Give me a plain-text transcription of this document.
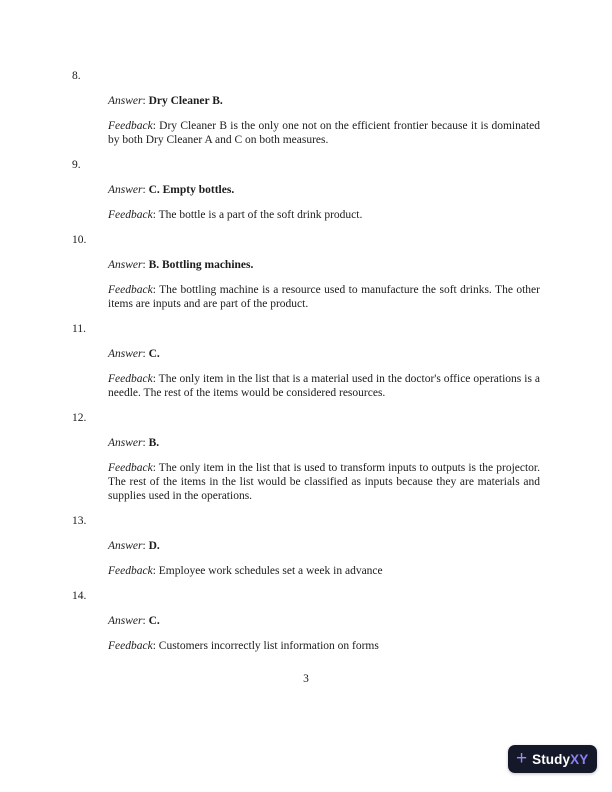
8.

Answer: Dry Cleaner B.

Feedback: Dry Cleaner B is the only one not on the efficient frontier because it is dominated by both Dry Cleaner A and C on both measures.

9.

Answer: C. Empty bottles.

Feedback: The bottle is a part of the soft drink product.

10.

Answer: B. Bottling machines.

Feedback: The bottling machine is a resource used to manufacture the soft drinks. The other items are inputs and are part of the product.

11.

Answer: C.

Feedback: The only item in the list that is a material used in the doctor's office operations is a needle. The rest of the items would be considered resources.

12.

Answer: B.

Feedback: The only item in the list that is used to transform inputs to outputs is the projector. The rest of the items in the list would be classified as inputs because they are materials and supplies used in the operations.

13.

Answer: D.

Feedback: Employee work schedules set a week in advance

14.

Answer: C.

Feedback: Customers incorrectly list information on forms

3
+ StudyXY
